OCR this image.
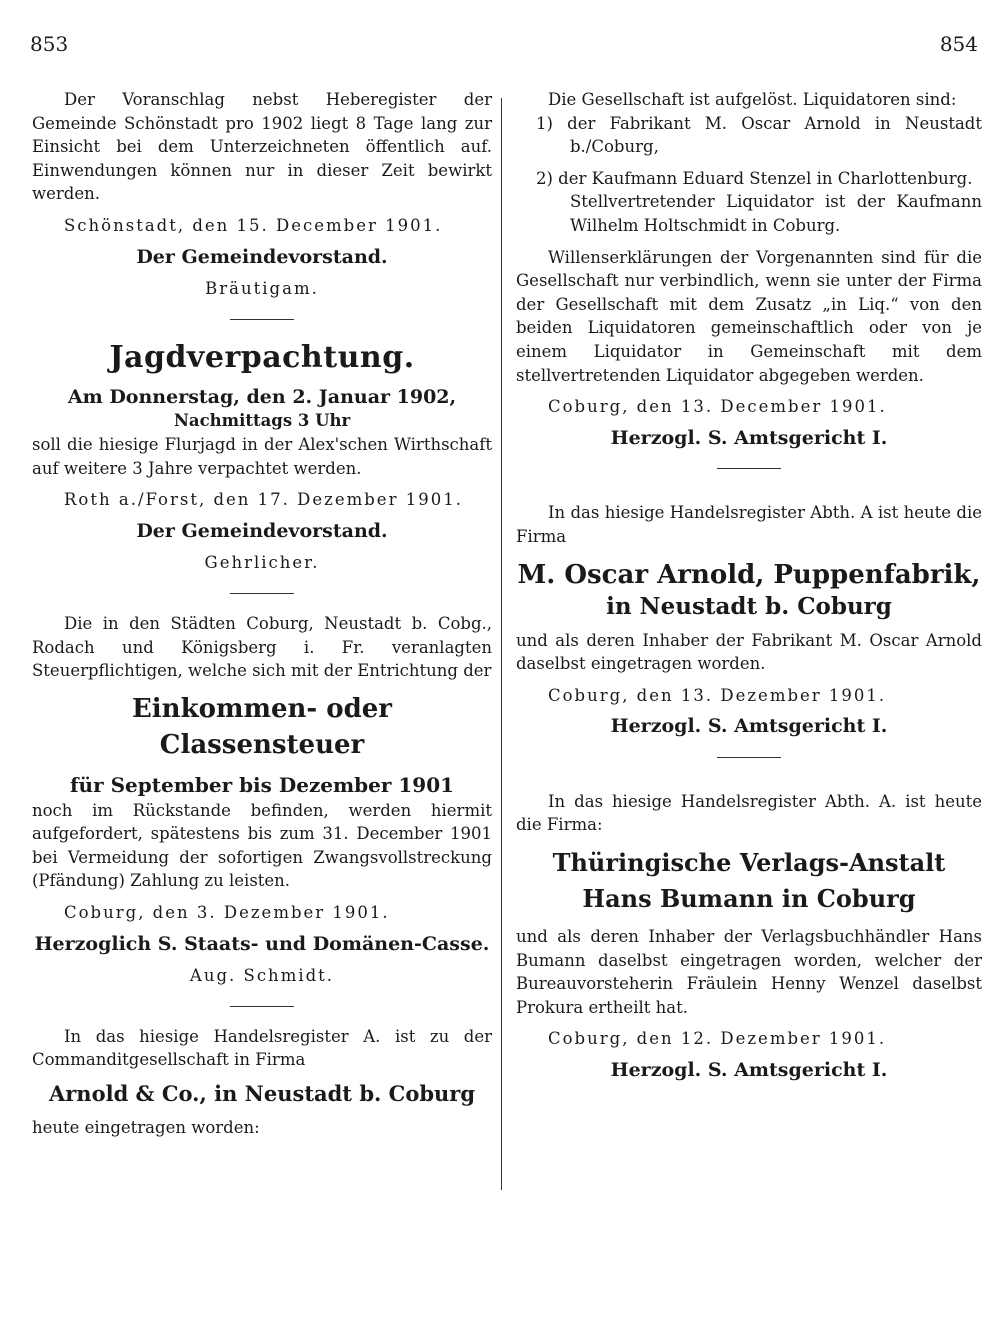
853	854

Der Voranschlag nebst Heberegister der Gemeinde Schönstadt pro 1902 liegt 8 Tage lang zur Einsicht bei dem Unterzeichneten öffentlich auf. Einwendungen können nur in dieser Zeit bewirkt werden.

Schönstadt, den 15. December 1901.

Der Gemeindevorstand.

Bräutigam.

Jagdverpachtung.

Am Donnerstag, den 2. Januar 1902,

Nachmittags 3 Uhr

soll die hiesige Flurjagd in der Alex'schen Wirthschaft auf weitere 3 Jahre verpachtet werden.

Roth a./Forst, den 17. Dezember 1901.

Der Gemeindevorstand.

Gehrlicher.

Die in den Städten Coburg, Neustadt b. Cobg., Rodach und Königsberg i. Fr. veranlagten Steuerpflichtigen, welche sich mit der Entrichtung der

Einkommen- oder Classensteuer

für September bis Dezember 1901

noch im Rückstande befinden, werden hiermit aufgefordert, spätestens bis zum 31. December 1901 bei Vermeidung der sofortigen Zwangsvollstreckung (Pfändung) Zahlung zu leisten.

Coburg, den 3. Dezember 1901.

Herzoglich S. Staats- und Domänen-Casse.

Aug. Schmidt.

In das hiesige Handelsregister A. ist zu der Commanditgesellschaft in Firma

Arnold & Co., in Neustadt b. Coburg

heute eingetragen worden:

Die Gesellschaft ist aufgelöst. Liquidatoren sind:

1) der Fabrikant M. Oscar Arnold in Neustadt b./Coburg,

2) der Kaufmann Eduard Stenzel in Charlottenburg.

Stellvertretender Liquidator ist der Kaufmann Wilhelm Holtschmidt in Coburg.

Willenserklärungen der Vorgenannten sind für die Gesellschaft nur verbindlich, wenn sie unter der Firma der Gesellschaft mit dem Zusatz „in Liq.“ von den beiden Liquidatoren gemeinschaftlich oder von je einem Liquidator in Gemeinschaft mit dem stellvertretenden Liquidator abgegeben werden.

Coburg, den 13. December 1901.

Herzogl. S. Amtsgericht I.

In das hiesige Handelsregister Abth. A ist heute die Firma

M. Oscar Arnold, Puppenfabrik,

in Neustadt b. Coburg

und als deren Inhaber der Fabrikant M. Oscar Arnold daselbst eingetragen worden.

Coburg, den 13. Dezember 1901.

Herzogl. S. Amtsgericht I.

In das hiesige Handelsregister Abth. A. ist heute die Firma:

Thüringische Verlags-Anstalt

Hans Bumann in Coburg

und als deren Inhaber der Verlagsbuchhändler Hans Bumann daselbst eingetragen worden, welcher der Bureauvorsteherin Fräulein Henny Wenzel daselbst Prokura ertheilt hat.

Coburg, den 12. Dezember 1901.

Herzogl. S. Amtsgericht I.
